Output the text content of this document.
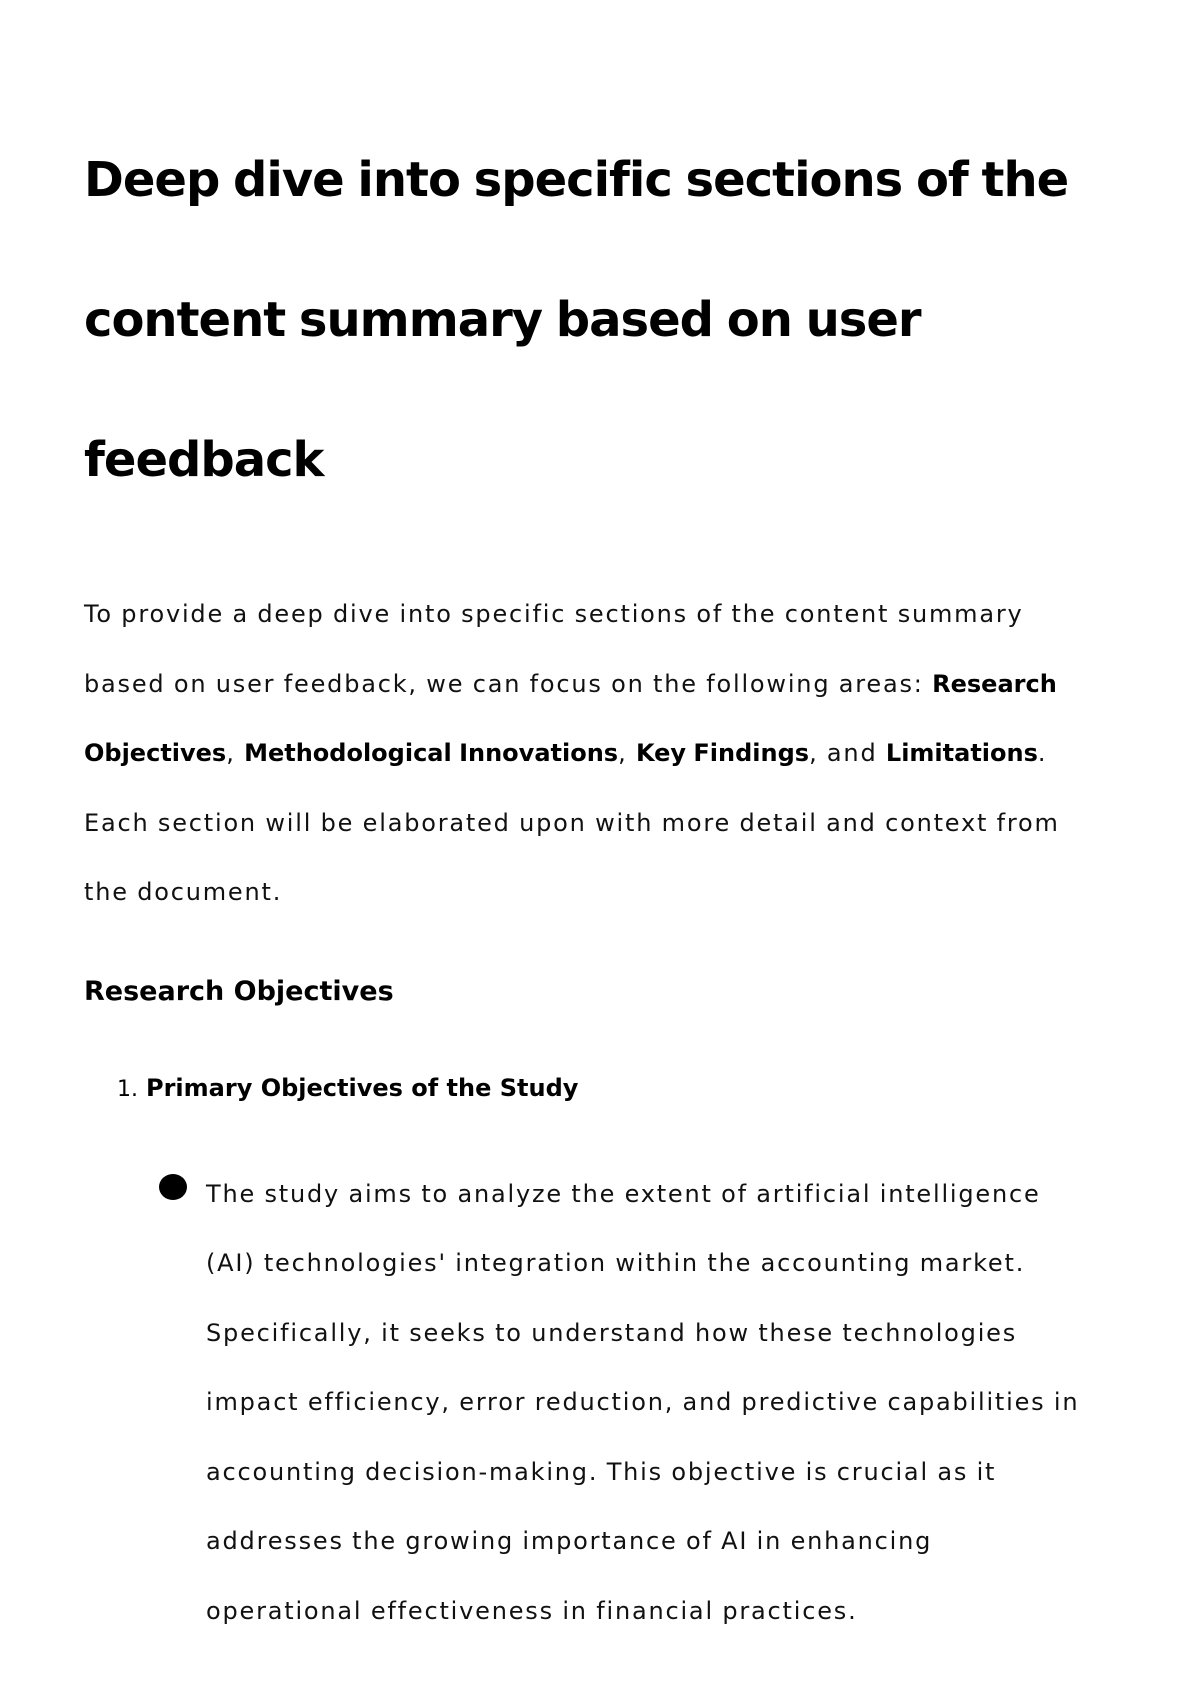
Deep dive into specific sections of the content summary based on user feedback

To provide a deep dive into specific sections of the content summary based on user feedback, we can focus on the following areas: Research Objectives, Methodological Innovations, Key Findings, and Limitations. Each section will be elaborated upon with more detail and context from the document.

Research Objectives
1. Primary Objectives of the Study
The study aims to analyze the extent of artificial intelligence (AI) technologies' integration within the accounting market. Specifically, it seeks to understand how these technologies impact efficiency, error reduction, and predictive capabilities in accounting decision-making. This objective is crucial as it addresses the growing importance of AI in enhancing operational effectiveness in financial practices.
